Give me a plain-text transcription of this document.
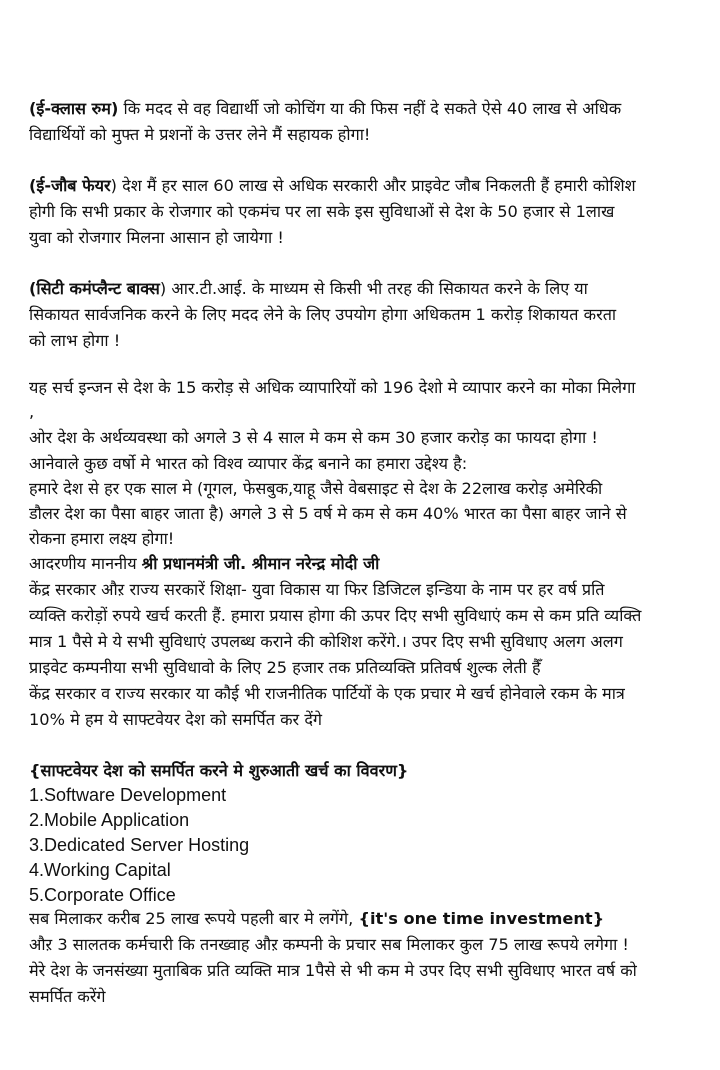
(ई-क्लास रुम) कि मदद से वह विद्यार्थी जो कोचिंग या की फिस नहीं दे सकते ऐसे 40 लाख से अधिक
विद्यार्थियों को मुफ्त मे प्रशनों के उत्तर लेने मैं सहायक होगा!
(ई-जौब फेयर) देश मैं हर साल 60 लाख से अधिक सरकारी और प्राइवेट जौब निकलती हैं हमारी कोशिश
होगी कि सभी प्रकार के रोजगार को एकमंच पर ला सके इस सुविधाओं से देश के 50 हजार से 1लाख
युवा को रोजगार मिलना आसान हो जायेगा !
(सिटी कमंप्लैन्ट बाक्स) आर.टी.आई. के माध्यम से किसी भी तरह की सिकायत करने के लिए या
सिकायत सार्वजनिक करने के लिए मदद लेने के लिए उपयोग होगा अधिकतम 1 करोड़ शिकायत करता
को लाभ होगा !
यह सर्च इन्जन से देश के 15 करोड़ से अधिक व्यापारियों को 196 देशो मे व्यापार करने का मोका मिलेगा
,
ओर देश के अर्थव्यवस्था को अगले 3 से 4 साल मे कम से कम 30 हजार करोड़ का फायदा होगा !
आनेवाले कुछ वर्षो मे भारत को विश्व व्यापार केंद्र बनाने का हमारा उद्देश्य है:
हमारे देश से हर एक साल मे (गूगल, फेसबुक,याहू जैसे वेबसाइट से देश के 22लाख करोड़ अमेरिकी
डौलर देश का पैसा बाहर जाता है) अगले 3 से 5 वर्ष मे कम से कम 40% भारत का पैसा बाहर जाने से
रोकना हमारा लक्ष्य होगा!
आदरणीय माननीय श्री प्रधानमंत्री जी. श्रीमान नरेन्द्र मोदी जी
केंद्र सरकार औऱ राज्य सरकारें शिक्षा- युवा विकास या फिर डिजिटल इन्डिया के नाम पर हर वर्ष प्रति
व्यक्ति करोड़ों रुपये खर्च करती हैं. हमारा प्रयास होगा की ऊपर दिए सभी सुविधाएं कम से कम प्रति व्यक्ति
मात्र 1 पैसे मे ये सभी सुविधाएं उपलब्ध कराने की कोशिश करेंगे.। उपर दिए सभी सुविधाए अलग अलग
प्राइवेट कम्पनीया सभी सुविधावो के लिए 25 हजार तक प्रतिव्यक्ति प्रतिवर्ष शुल्क लेती हैँ
केंद्र सरकार व राज्य सरकार या कौई भी राजनीतिक पार्टियों के एक प्रचार मे खर्च होनेवाले रकम के मात्र
10% मे हम ये साफ्टवेयर देश को समर्पित कर देंगे
{साफ्टवेयर देश को समर्पित करने मे शुरुआती खर्च का विवरण}
1.Software Development
2.Mobile Application
3.Dedicated Server Hosting
4.Working Capital
5.Corporate Office
सब मिलाकर करीब 25 लाख रूपये पहली बार मे लगेंगे, {it's one time investment}
औऱ 3 सालतक कर्मचारी कि तनख्वाह औऱ कम्पनी के प्रचार सब मिलाकर कुल 75 लाख रूपये लगेगा !
मेरे देश के जनसंख्या मुताबिक प्रति व्यक्ति मात्र 1पैसे से भी कम मे उपर दिए सभी सुविधाए भारत वर्ष को
समर्पित करेंगे
